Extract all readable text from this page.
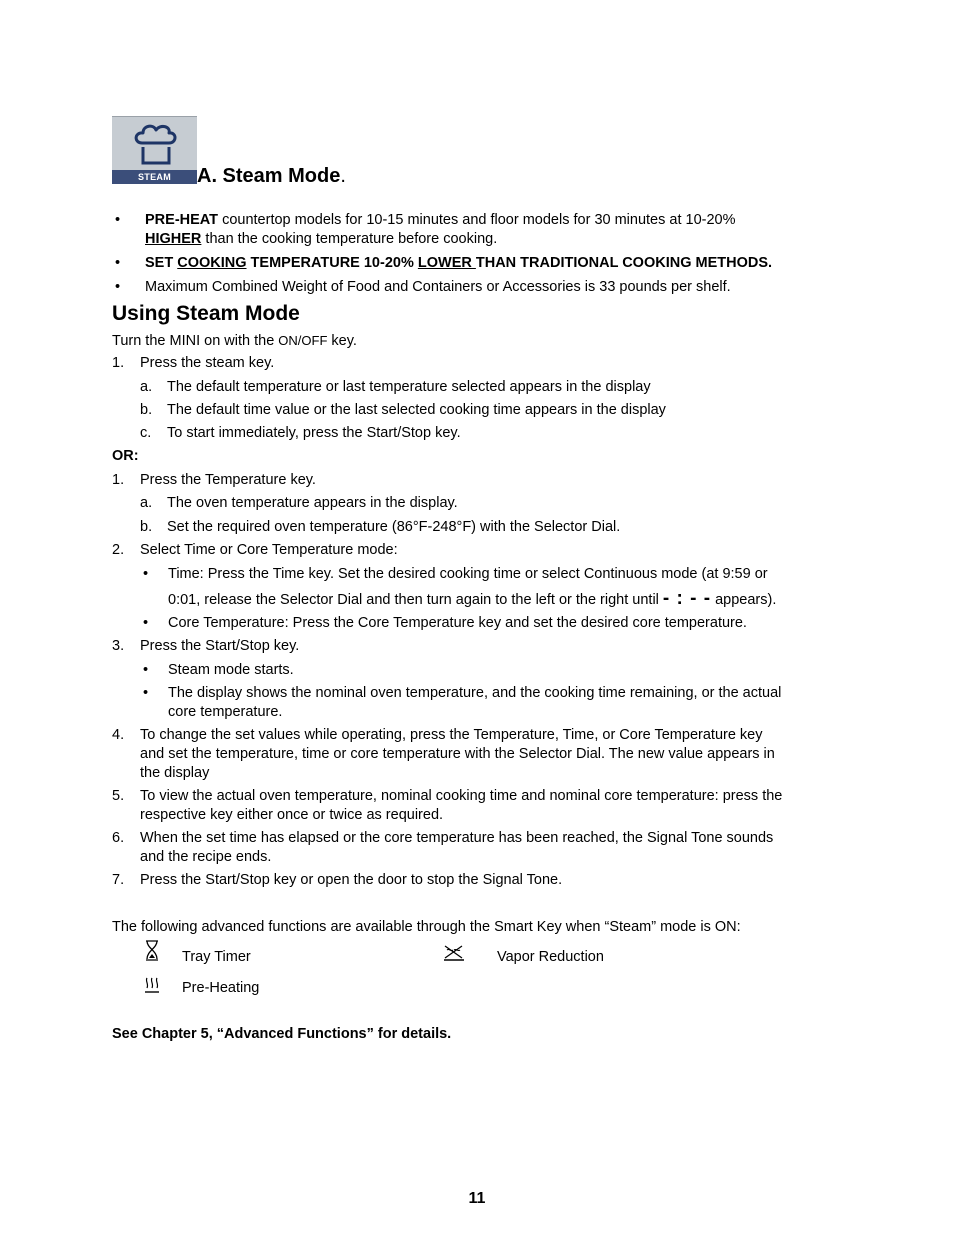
STEAM	A. Steam Mode.
• PRE-HEAT countertop models for 10-15 minutes and floor models for 30 minutes at 10-20%
HIGHER than the cooking temperature before cooking.
• SET COOKING TEMPERATURE 10-20% LOWER THAN TRADITIONAL COOKING METHODS.
• Maximum Combined Weight of Food and Containers or Accessories is 33 pounds per shelf.
Using Steam Mode
Turn the MINI on with the ON/OFF key.
1. Press the steam key.
a. The default temperature or last temperature selected appears in the display
b. The default time value or the last selected cooking time appears in the display
c. To start immediately, press the Start/Stop key.
OR:
1. Press the Temperature key.
a. The oven temperature appears in the display.
b. Set the required oven temperature (86°F-248°F) with the Selector Dial.
2. Select Time or Core Temperature mode:
• Time: Press the Time key. Set the desired cooking time or select Continuous mode (at 9:59 or
0:01, release the Selector Dial and then turn again to the left or the right until - : - - appears).
• Core Temperature: Press the Core Temperature key and set the desired core temperature.
3. Press the Start/Stop key.
• Steam mode starts.
• The display shows the nominal oven temperature, and the cooking time remaining, or the actual
core temperature.
4. To change the set values while operating, press the Temperature, Time, or Core Temperature key
and set the temperature, time or core temperature with the Selector Dial. The new value appears in
the display
5. To view the actual oven temperature, nominal cooking time and nominal core temperature: press the
respective key either once or twice as required.
6. When the set time has elapsed or the core temperature has been reached, the Signal Tone sounds
and the recipe ends.
7. Press the Start/Stop key or open the door to stop the Signal Tone.
The following advanced functions are available through the Smart Key when “Steam” mode is ON:
Tray Timer	Vapor Reduction
Pre-Heating
See Chapter 5, “Advanced Functions” for details.
11
